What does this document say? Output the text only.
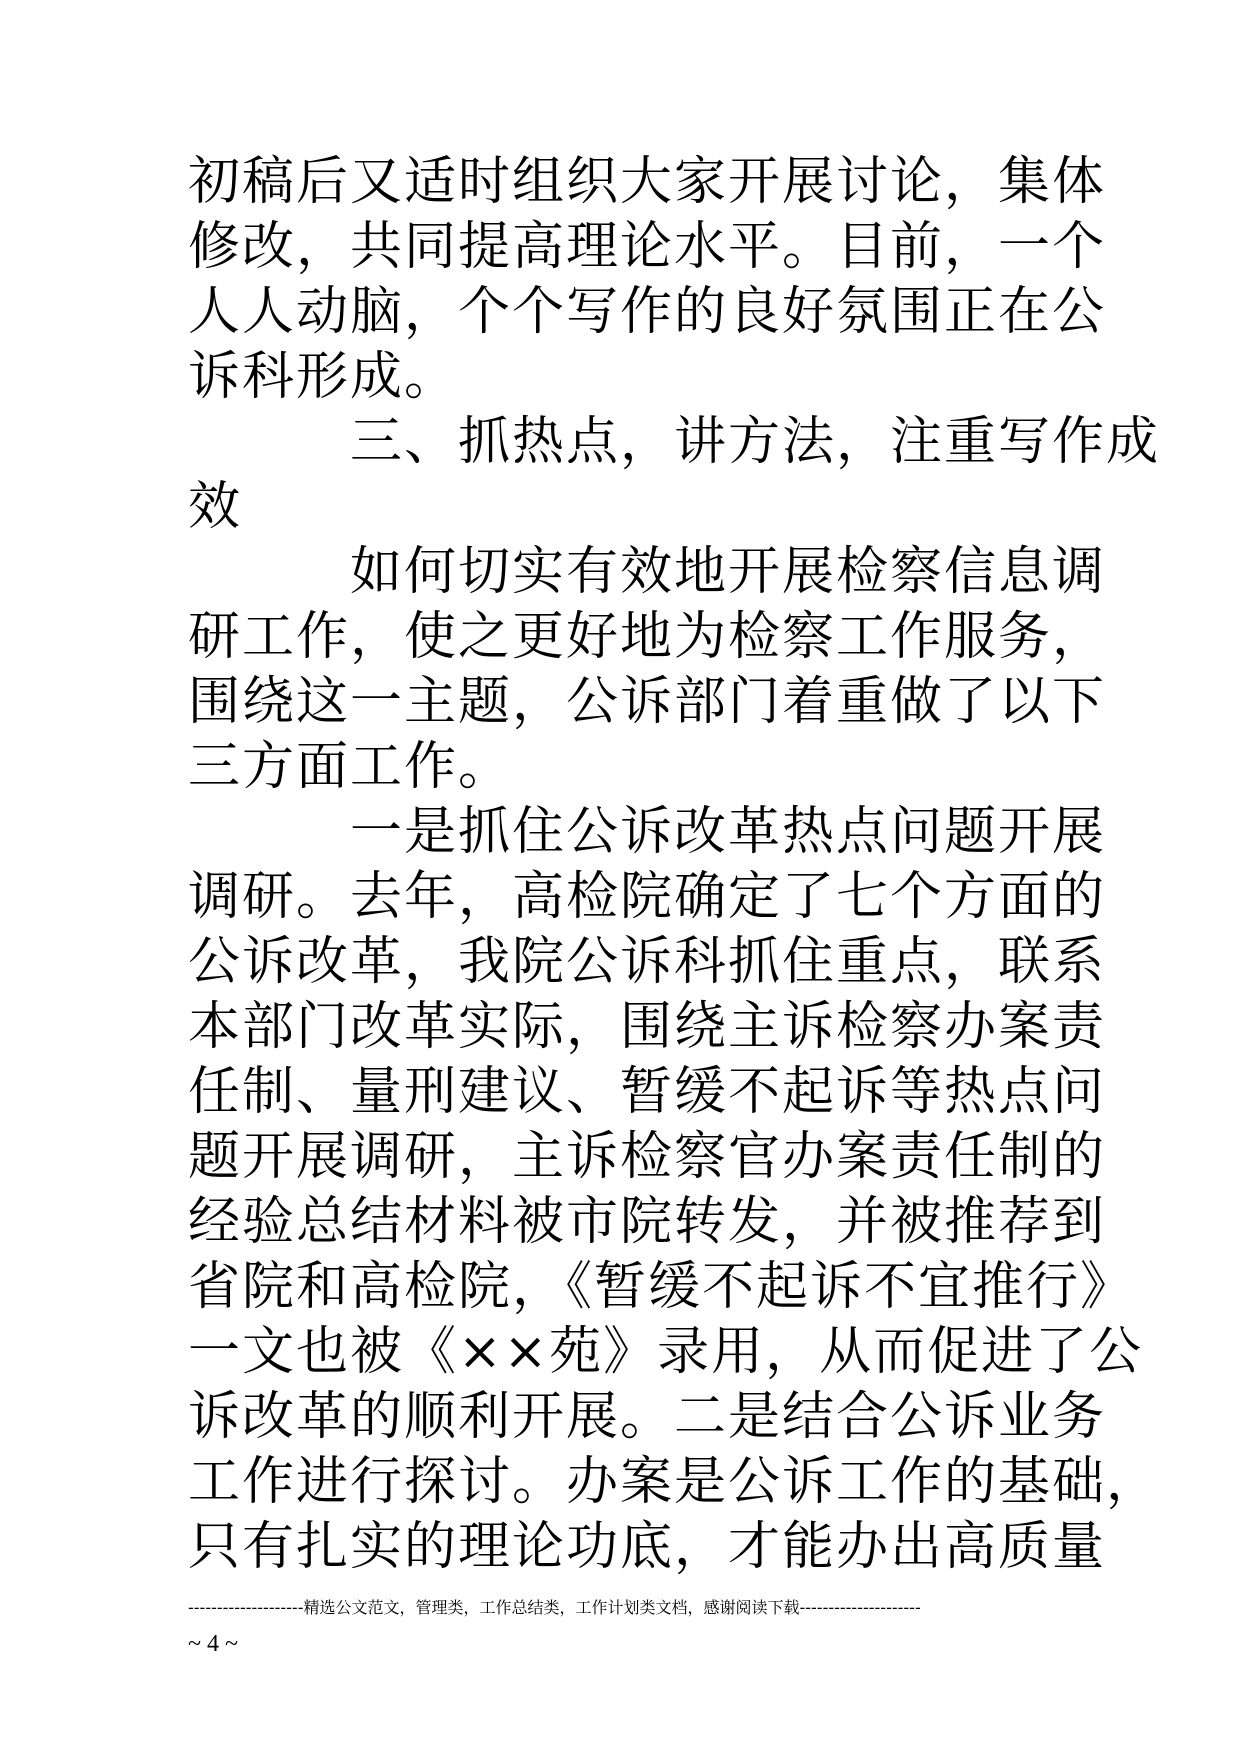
初稿后又适时组织大家开展讨论，集体
修改，共同提高理论水平。目前，一个
人人动脑，个个写作的良好氛围正在公
诉科形成。
　　　三、抓热点，讲方法，注重写作成
效
　　　如何切实有效地开展检察信息调
研工作，使之更好地为检察工作服务，
围绕这一主题，公诉部门着重做了以下
三方面工作。
　　　一是抓住公诉改革热点问题开展
调研。去年，高检院确定了七个方面的
公诉改革，我院公诉科抓住重点，联系
本部门改革实际，围绕主诉检察办案责
任制、量刑建议、暂缓不起诉等热点问
题开展调研，主诉检察官办案责任制的
经验总结材料被市院转发，并被推荐到
省院和高检院，《暂缓不起诉不宜推行》
一文也被《××苑》录用，从而促进了公
诉改革的顺利开展。二是结合公诉业务
工作进行探讨。办案是公诉工作的基础，
只有扎实的理论功底，才能办出高质量
--------------------精选公文范文，管理类，工作总结类，工作计划类文档，感谢阅读下载---------------------
~ 4 ~
